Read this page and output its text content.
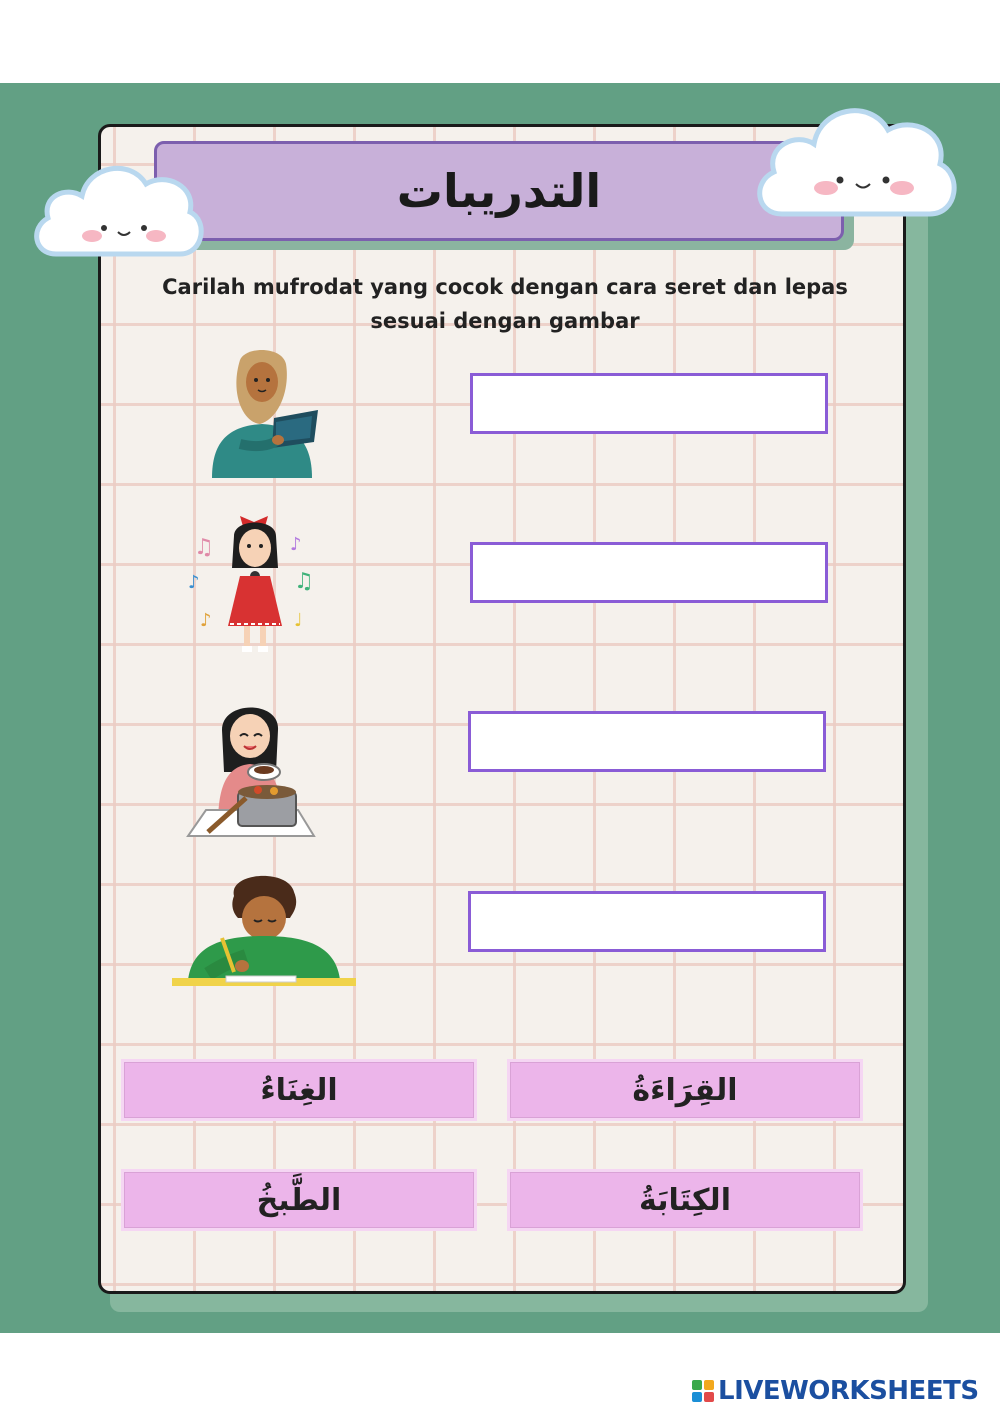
التدريبات
Carilah mufrodat yang cocok dengan cara seret dan lepas
sesuai dengan gambar
♫
♪
♪
♪
♫
♩
الغِنَاءُ	القِرَاءَةُ
الطَّبخُ	الكِتَابَةُ
LIVEWORKSHEETS
